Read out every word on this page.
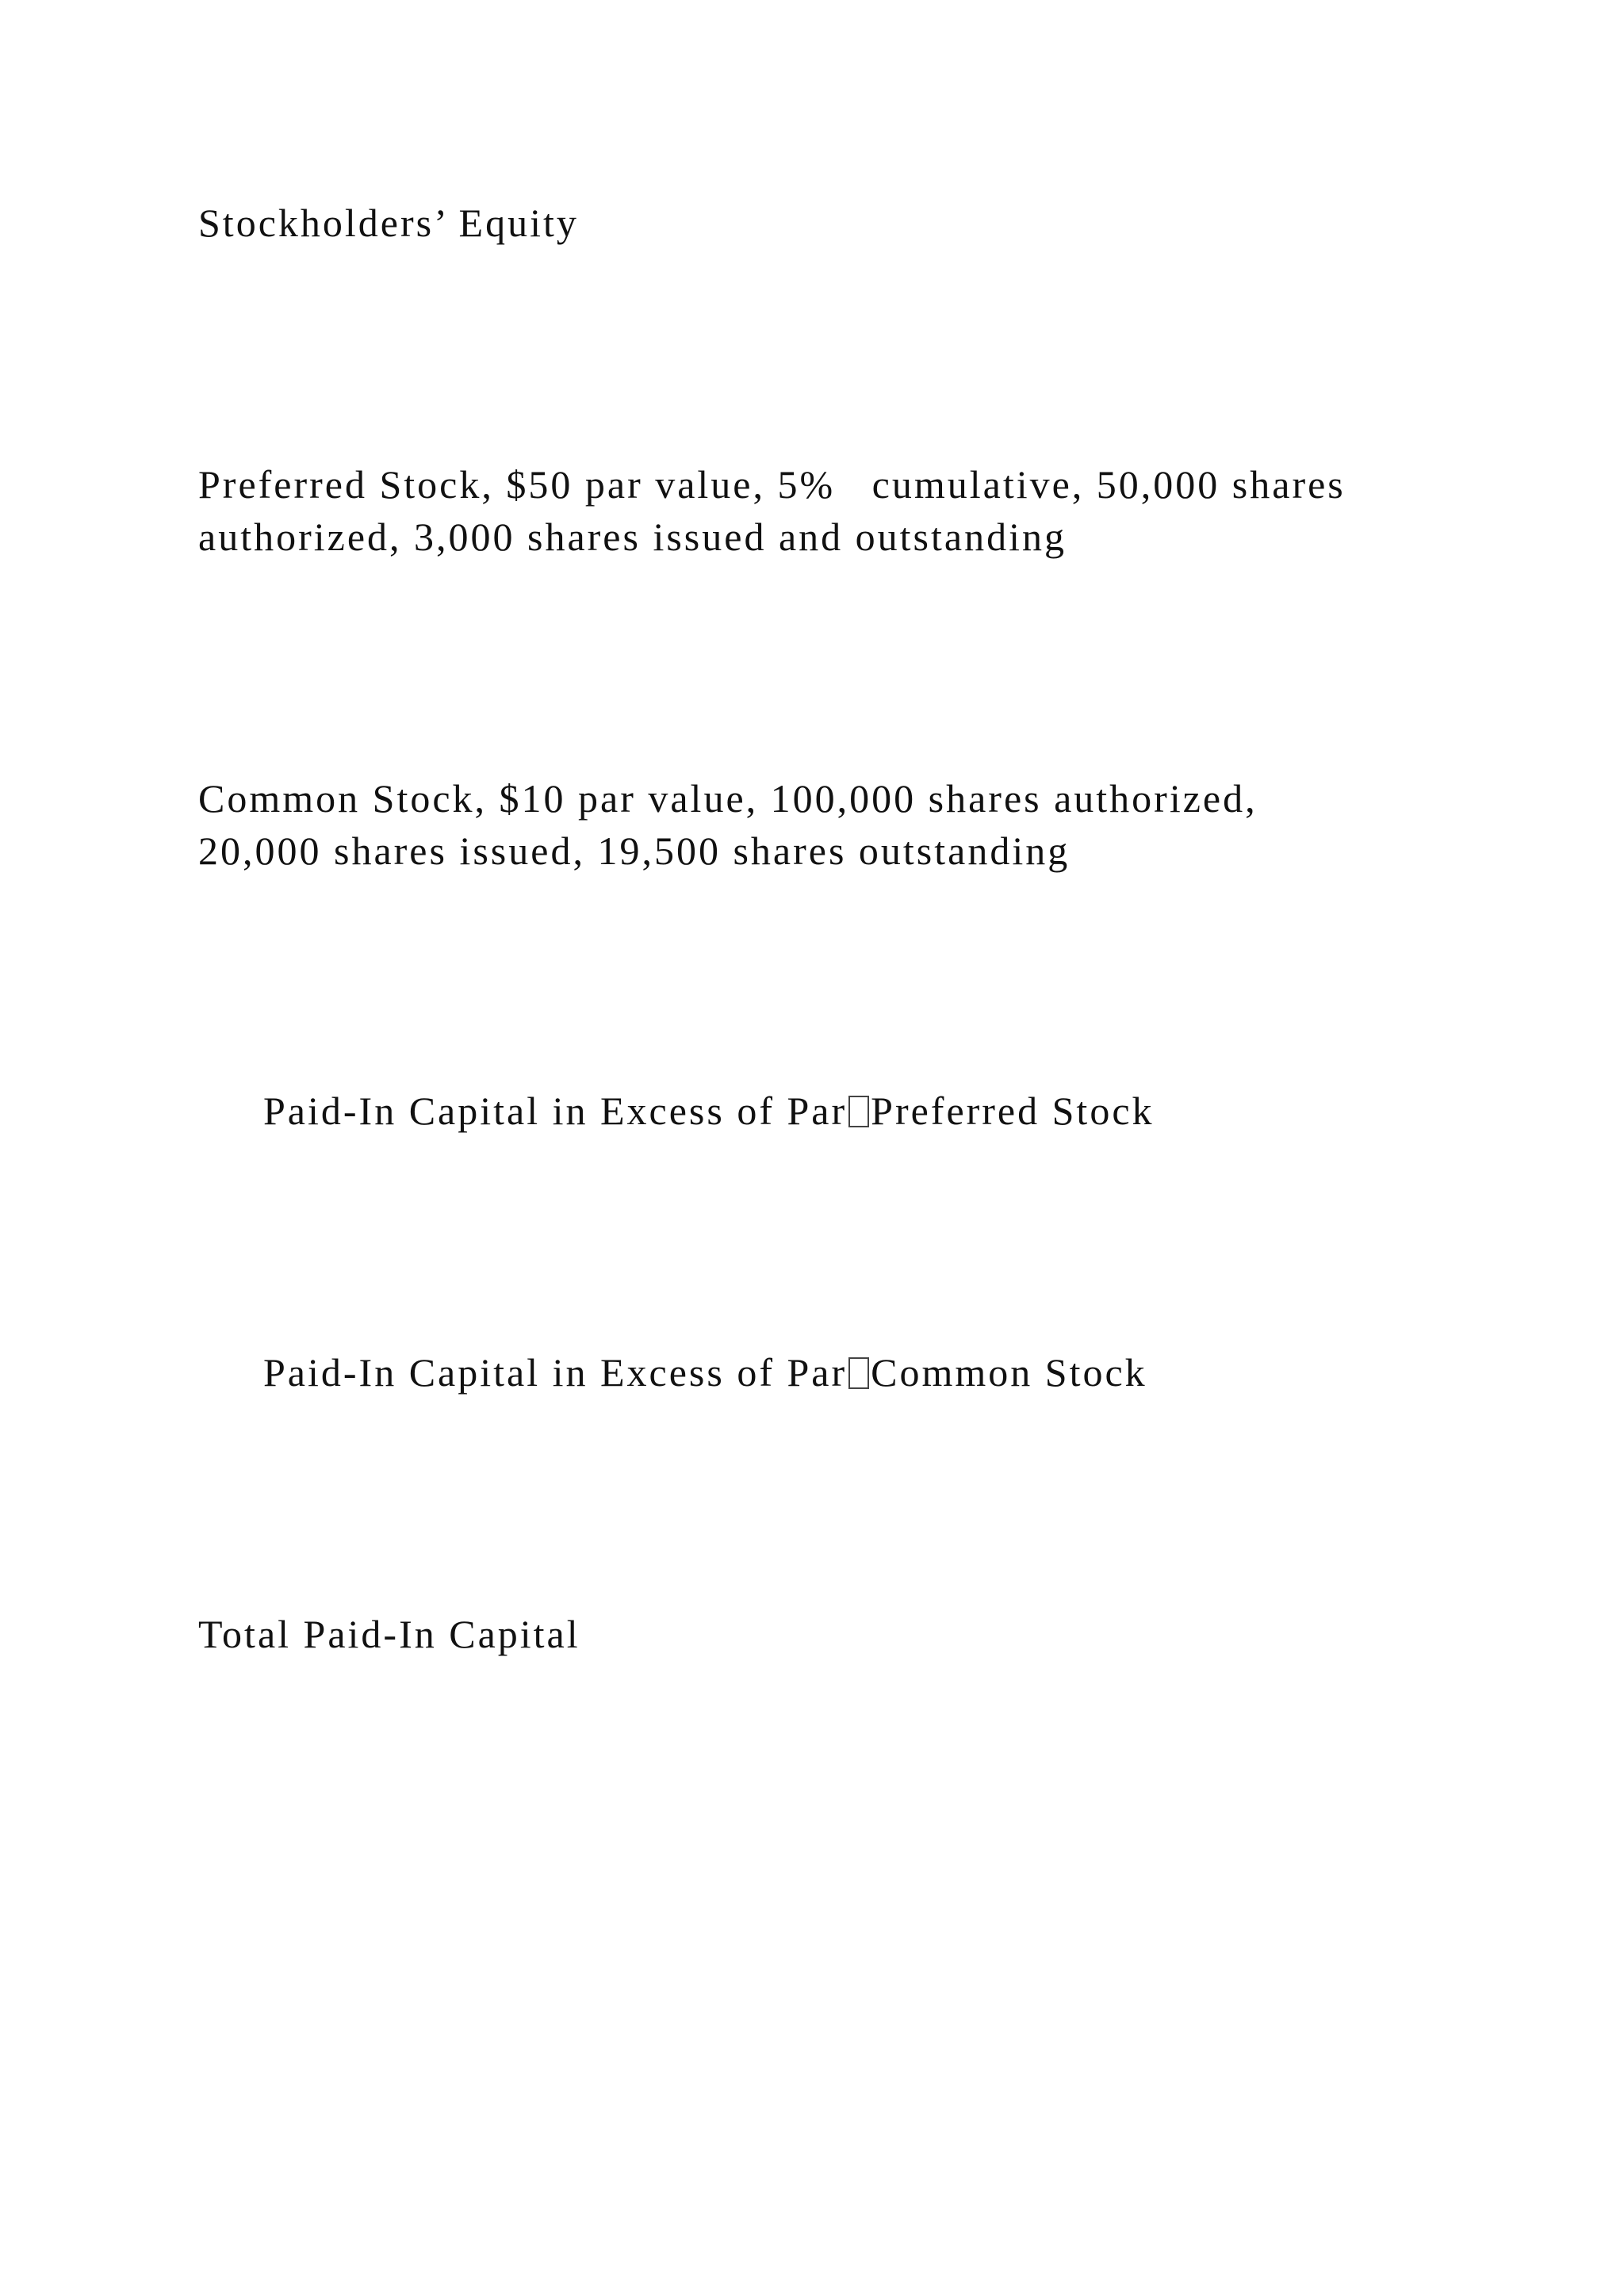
Stockholders’ Equity

Preferred Stock, $50 par value, 5%   cumulative, 50,000 shares

authorized, 3,000 shares issued and outstanding

Common Stock, $10 par value, 100,000 shares authorized,

20,000 shares issued, 19,500 shares outstanding

Paid-In Capital in Excess of Par Preferred Stock

Paid-In Capital in Excess of Par Common Stock

Total Paid-In Capital
